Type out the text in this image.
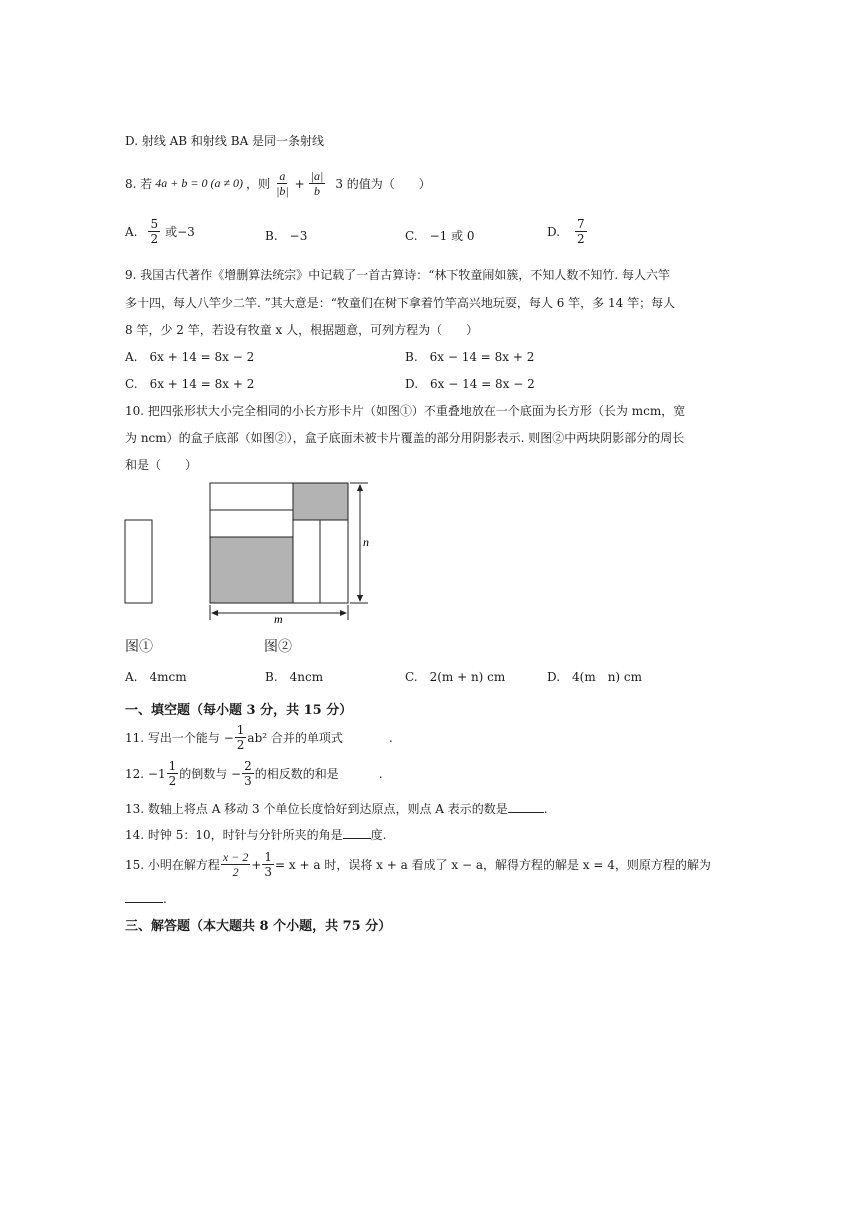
D. 射线 AB 和射线 BA 是同一条射线
8. 若 4a + b = 0 (a ≠ 0) ，则 $\frac{a}{|b|} + \frac{|a|}{b} 3$ 的值为（　　）
A. $\frac{5}{2}$ 或−3	B.　−3	C.　−1 或 0	D. $\frac{7}{2}$
9. 我国古代著作《增删算法统宗》中记载了一首古算诗：“林下牧童闹如簇，不知人数不知竹. 每人六竿
多十四，每人八竿少二竿. ”其大意是：“牧童们在树下拿着竹竿高兴地玩耍，每人 6 竿，多 14 竿；每人
8 竿，少 2 竿，若设有牧童 x 人，根据题意，可列方程为（　　）
A.　6x + 14 = 8x − 2	B.　6x − 14 = 8x + 2
C.　6x + 14 = 8x + 2	D.　6x − 14 = 8x − 2
10. 把四张形状大小完全相同的小长方形卡片（如图①）不重叠地放在一个底面为长方形（长为 mcm，宽
为 ncm）的盒子底部（如图②），盒子底面未被卡片覆盖的部分用阴影表示. 则图②中两块阴影部分的周长
和是（　　）
n
m
图①	图②
A.　4mcm	B.　4ncm	C.　2(m + n) cm	D.　4(m　n) cm
一、填空题（每小题 3 分，共 15 分）
11. 写出一个能与 − $\frac{1}{2} ab^2$ 合并的单项式	.
12. $-1 \frac{1}{2}$ 的倒数与 − $\frac{2}{3}$ 的相反数的和是	.
13. 数轴上将点 A 移动 3 个单位长度恰好到达原点，则点 A 表示的数是	.
14. 时钟 5：10，时针与分针所夹的角是 度.
15. 小明在解方程 $\frac{x - 2}{2} + \frac{1}{3} = x + a$ 时，误将 x + a 看成了 x − a，解得方程的解是 x = 4，则原方程的解为
.
三、解答题（本大题共 8 个小题，共 75 分）
